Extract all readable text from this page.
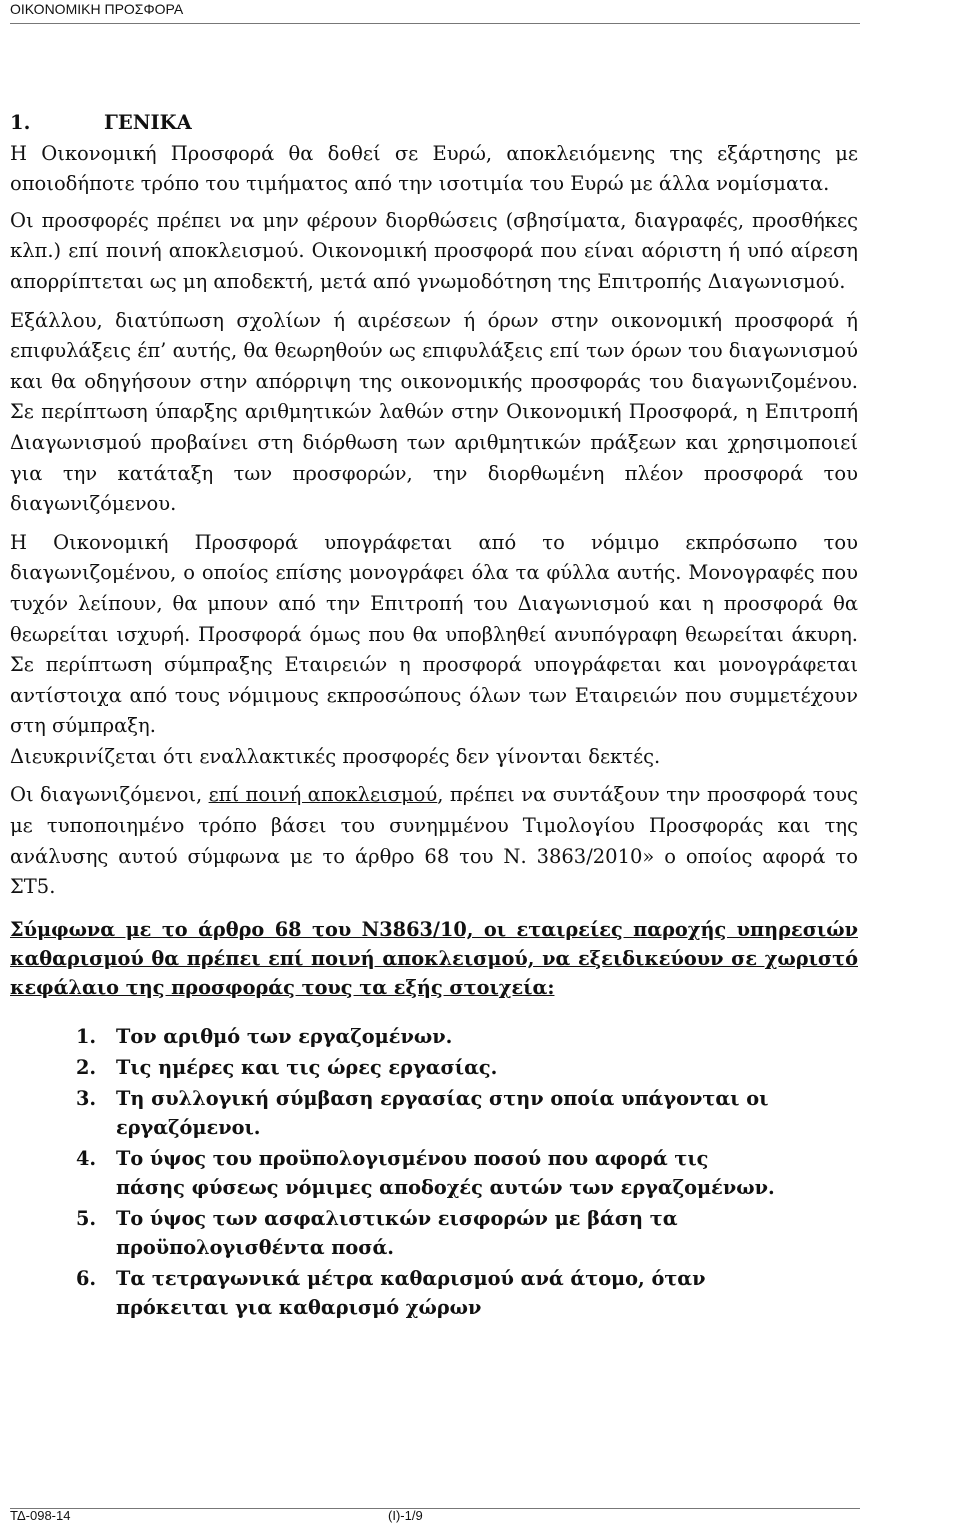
ΟΙΚΟΝΟΜΙΚΗ ΠΡΟΣΦΟΡΑ
1.	ΓΕΝΙΚΑ

Η Οικονομική Προσφορά θα δοθεί σε Ευρώ, αποκλειόμενης της εξάρτησης με οποιοδήποτε τρόπο του τιμήματος από την ισοτιμία του Ευρώ με άλλα νομίσματα.

Οι προσφορές πρέπει να μην φέρουν διορθώσεις (σβησίματα, διαγραφές, προσθήκες κλπ.) επί ποινή αποκλεισμού. Οικονομική προσφορά που είναι αόριστη ή υπό αίρεση απορρίπτεται ως μη αποδεκτή, μετά από γνωμοδότηση της Επιτροπής Διαγωνισμού.

Εξάλλου, διατύπωση σχολίων ή αιρέσεων ή όρων στην οικονομική προσφορά ή επιφυλάξεις έπ’ αυτής, θα θεωρηθούν ως επιφυλάξεις επί των όρων του διαγωνισμού και θα οδηγήσουν στην απόρριψη της οικονομικής προσφοράς του διαγωνιζομένου. Σε περίπτωση ύπαρξης αριθμητικών λαθών στην Οικονομική Προσφορά, η Επιτροπή Διαγωνισμού προβαίνει στη διόρθωση των αριθμητικών πράξεων και χρησιμοποιεί για την κατάταξη των προσφορών, την διορθωμένη πλέον προσφορά του διαγωνιζόμενου.

Η Οικονομική Προσφορά υπογράφεται από το νόμιμο εκπρόσωπο του διαγωνιζομένου, ο οποίος επίσης μονογράφει όλα τα φύλλα αυτής. Μονογραφές που τυχόν λείπουν, θα μπουν από την Επιτροπή του Διαγωνισμού και η προσφορά θα θεωρείται ισχυρή. Προσφορά όμως που θα υποβληθεί ανυπόγραφη θεωρείται άκυρη. Σε περίπτωση σύμπραξης Εταιρειών η προσφορά υπογράφεται και μονογράφεται αντίστοιχα από τους νόμιμους εκπροσώπους όλων των Εταιρειών που συμμετέχουν στη σύμπραξη.

Διευκρινίζεται ότι εναλλακτικές προσφορές δεν γίνονται δεκτές.

Οι διαγωνιζόμενοι, επί ποινή αποκλεισμού, πρέπει να συντάξουν την προσφορά τους με τυποποιημένο τρόπο βάσει του συνημμένου Τιμολογίου Προσφοράς και της ανάλυσης αυτού σύμφωνα με το άρθρο 68 του Ν. 3863/2010» ο οποίος αφορά το ΣΤ5.

Σύμφωνα με το άρθρο 68 του Ν3863/10, οι εταιρείες παροχής υπηρεσιών καθαρισμού θα πρέπει επί ποινή αποκλεισμού, να εξειδικεύουν σε χωριστό κεφάλαιο της προσφοράς τους τα εξής στοιχεία:

1.	Τον αριθμό των εργαζομένων.
2.	Τις ημέρες και τις ώρες εργασίας.
3.	Τη συλλογική σύμβαση εργασίας στην οποία υπάγονται οι εργαζόμενοι.
4.	Το ύψος του προϋπολογισμένου ποσού που αφορά τις πάσης φύσεως νόμιμες αποδοχές αυτών των εργαζομένων.
5.	Το ύψος των ασφαλιστικών εισφορών με βάση τα προϋπολογισθέντα ποσά.
6.	Τα τετραγωνικά μέτρα καθαρισμού ανά άτομο, όταν πρόκειται για καθαρισμό χώρων
ΤΔ-098-14	(Ι)-1/9
